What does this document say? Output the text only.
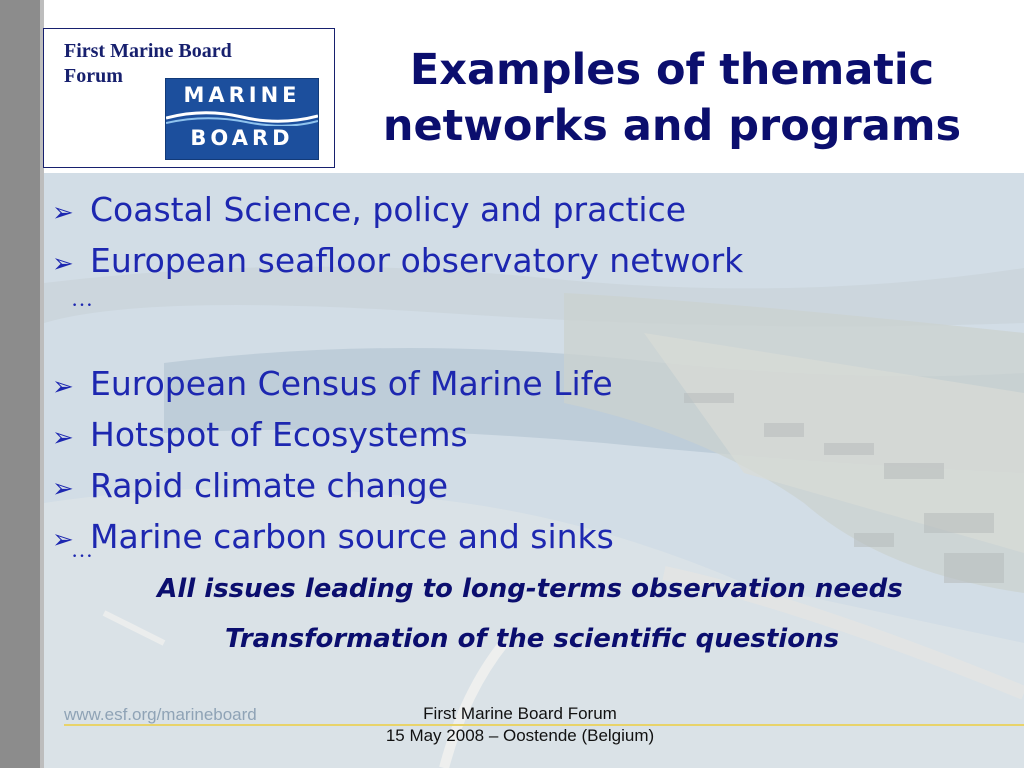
First Marine Board Forum
MARINE
BOARD
Examples of thematic networks and programs
➢ Coastal Science, policy and practice
➢ European seafloor observatory network
…
➢ European Census of Marine Life
➢ Hotspot of Ecosystems
➢ Rapid climate change
➢ Marine carbon source and sinks
…
All issues leading to long-terms observation needs
Transformation of the scientific questions
www.esf.org/marineboard	First Marine Board Forum
15 May 2008 – Oostende (Belgium)
